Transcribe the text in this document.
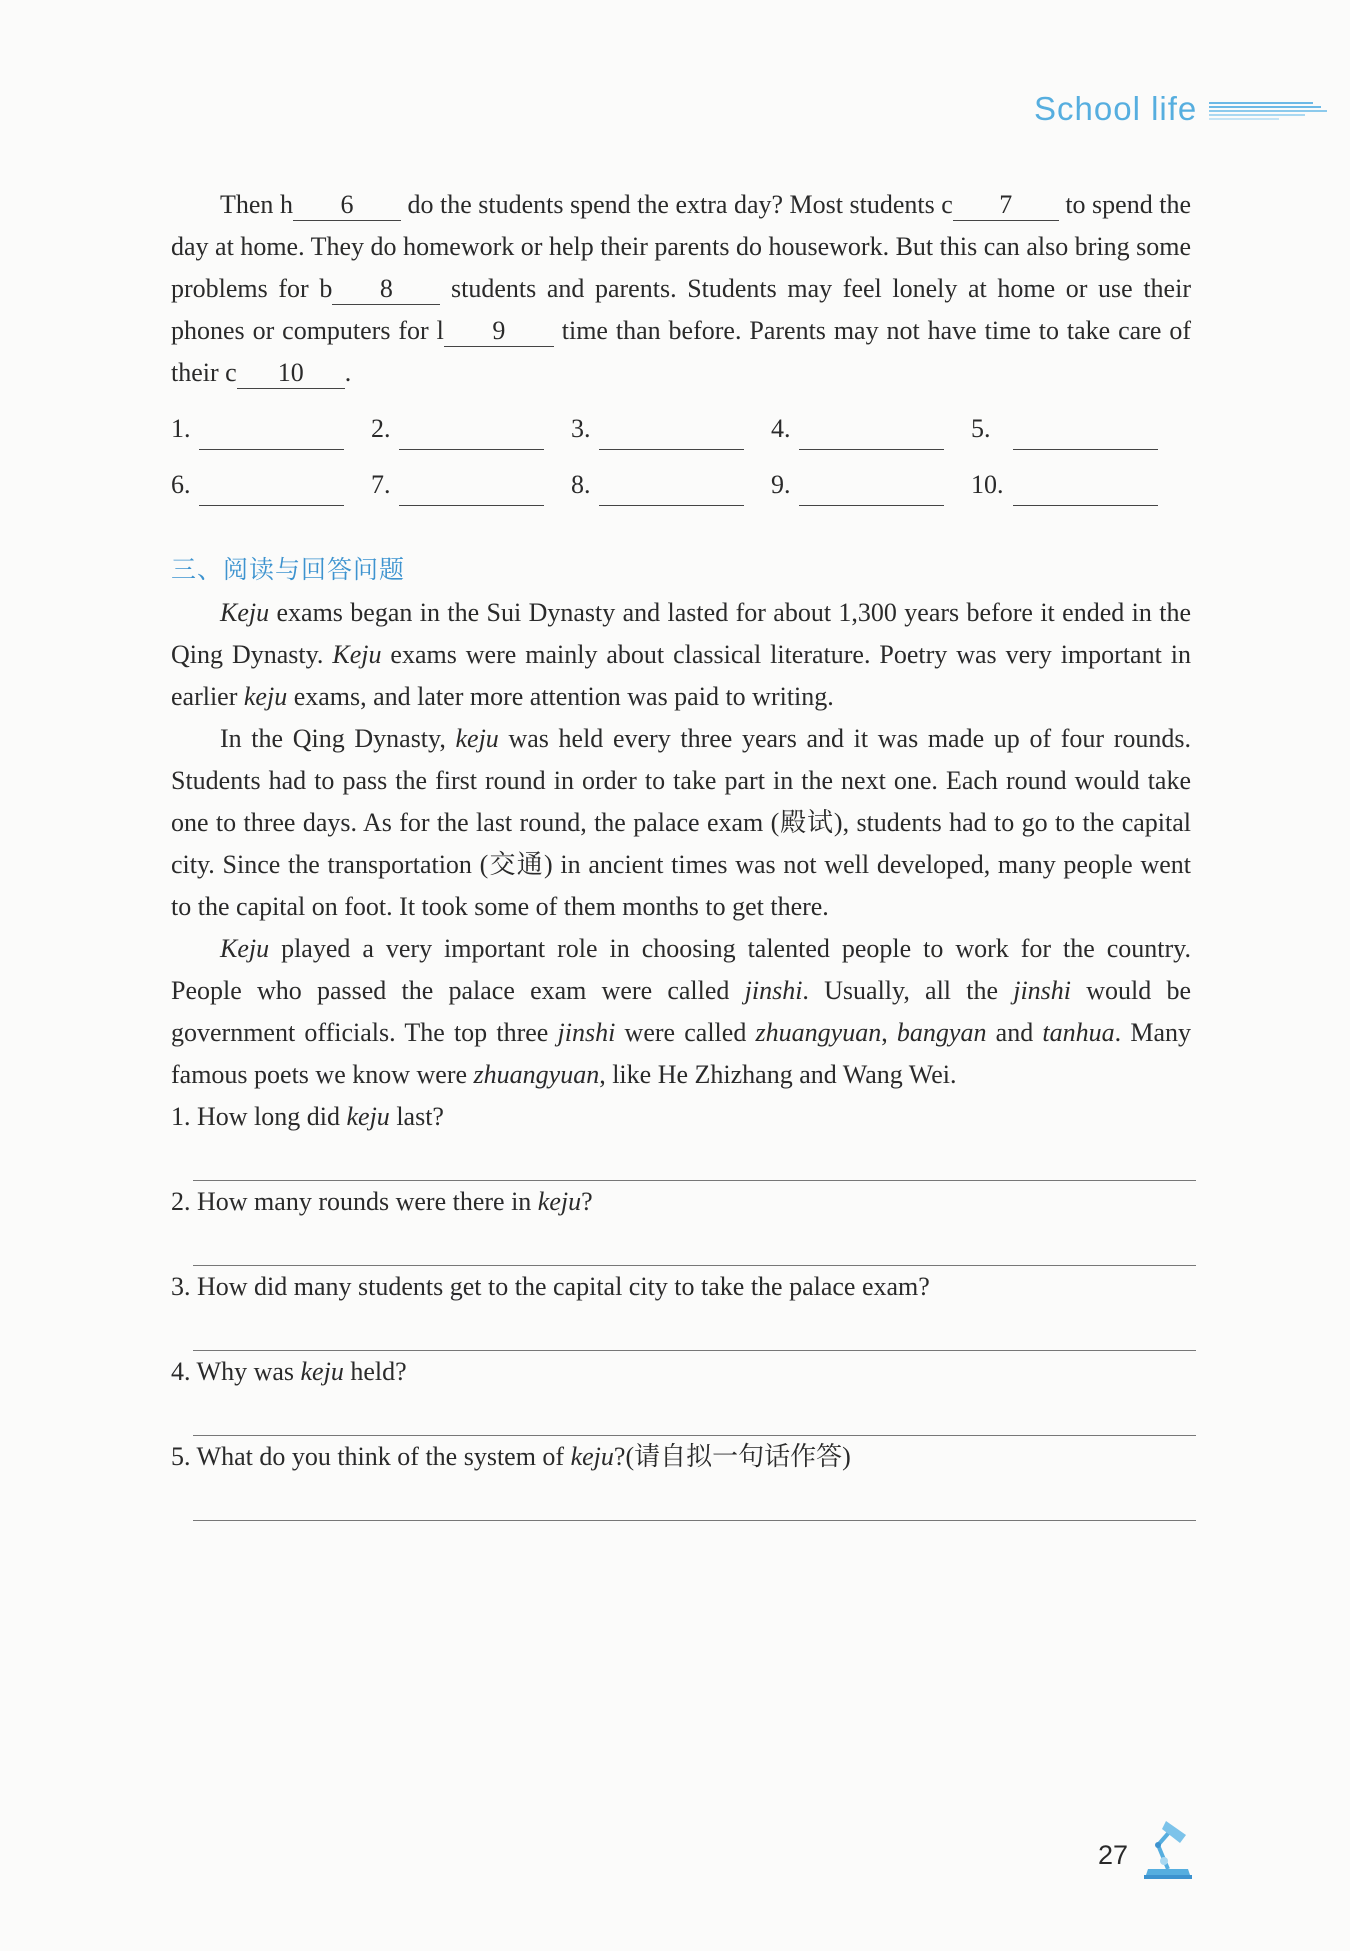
School life

Then h 6 do the students spend the extra day? Most students c 7 to spend the day at home. They do homework or help their parents do housework. But this can also bring some problems for b 8 students and parents. Students may feel lonely at home or use their phones or computers for l 9 time than before. Parents may not have time to take care of their c 10 .

1.	2.	3.	4.	5.
6.	7.	8.	9.	10.
三、阅读与回答问题

Keju exams began in the Sui Dynasty and lasted for about 1,300 years before it ended in the Qing Dynasty. Keju exams were mainly about classical literature. Poetry was very important in earlier keju exams, and later more attention was paid to writing.

In the Qing Dynasty, keju was held every three years and it was made up of four rounds. Students had to pass the first round in order to take part in the next one. Each round would take one to three days. As for the last round, the palace exam (殿试), students had to go to the capital city. Since the transportation (交通) in ancient times was not well developed, many people went to the capital on foot. It took some of them months to get there.

Keju played a very important role in choosing talented people to work for the country. People who passed the palace exam were called jinshi. Usually, all the jinshi would be government officials. The top three jinshi were called zhuangyuan, bangyan and tanhua. Many famous poets we know were zhuangyuan, like He Zhizhang and Wang Wei.

1. How long did keju last?

2. How many rounds were there in keju?

3. How did many students get to the capital city to take the palace exam?

4. Why was keju held?

5. What do you think of the system of keju?(请自拟一句话作答)

27
